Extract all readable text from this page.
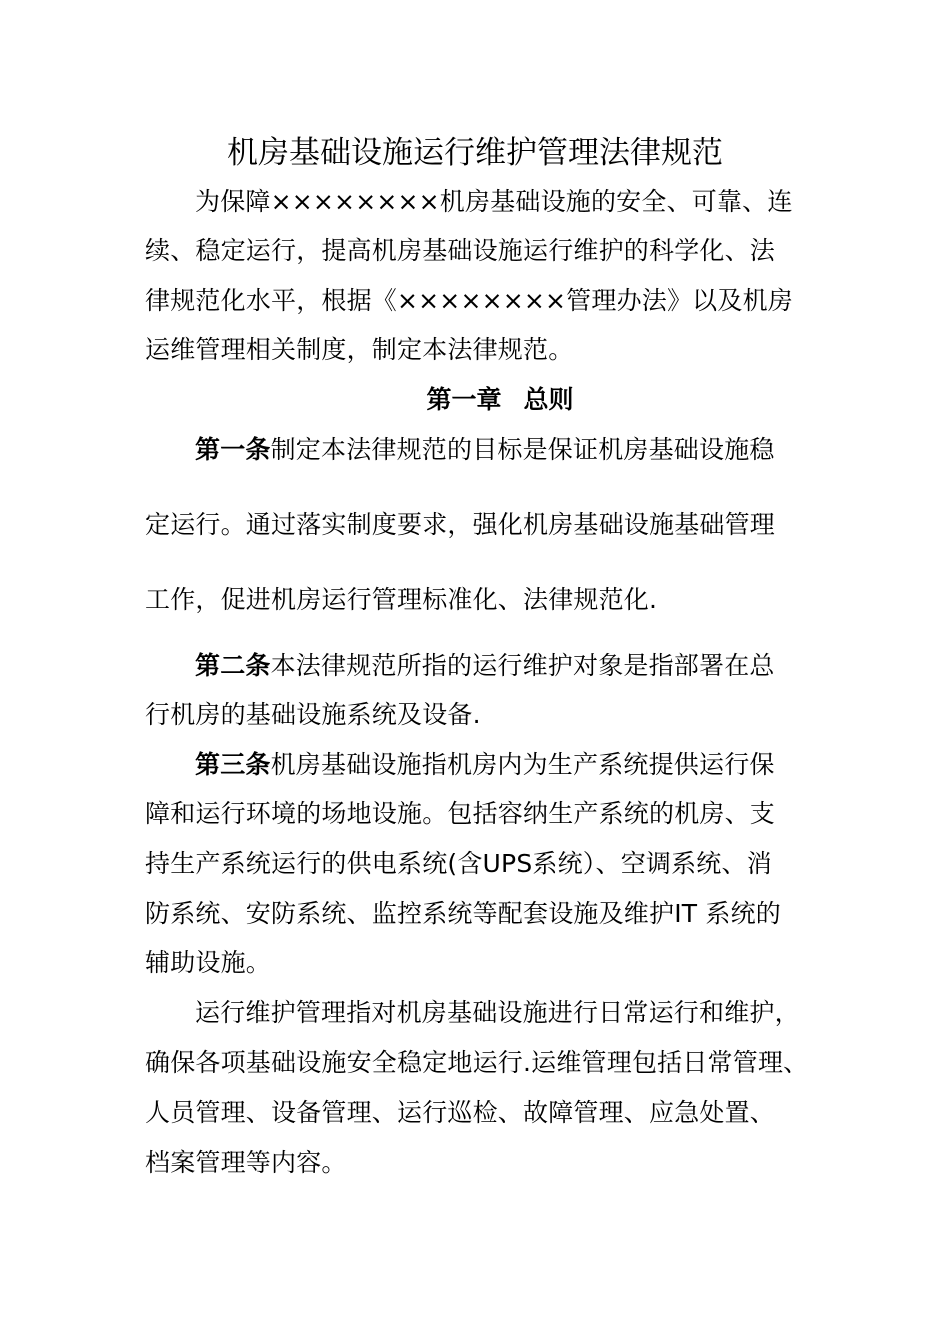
机房基础设施运行维护管理法律规范
为保障××××××××机房基础设施的安全、可靠、连
续、稳定运行，提高机房基础设施运行维护的科学化、法
律规范化水平，根据《××××××××管理办法》以及机房
运维管理相关制度，制定本法律规范。
第一章 总则
第一条制定本法律规范的目标是保证机房基础设施稳
定运行。通过落实制度要求，强化机房基础设施基础管理
工作，促进机房运行管理标准化、法律规范化.
第二条本法律规范所指的运行维护对象是指部署在总
行机房的基础设施系统及设备.
第三条机房基础设施指机房内为生产系统提供运行保
障和运行环境的场地设施。包括容纳生产系统的机房、支
持生产系统运行的供电系统(含UPS系统）、空调系统、消
防系统、安防系统、监控系统等配套设施及维护IT 系统的
辅助设施。
运行维护管理指对机房基础设施进行日常运行和维护，
确保各项基础设施安全稳定地运行.运维管理包括日常管理、
人员管理、设备管理、运行巡检、故障管理、应急处置、
档案管理等内容。
